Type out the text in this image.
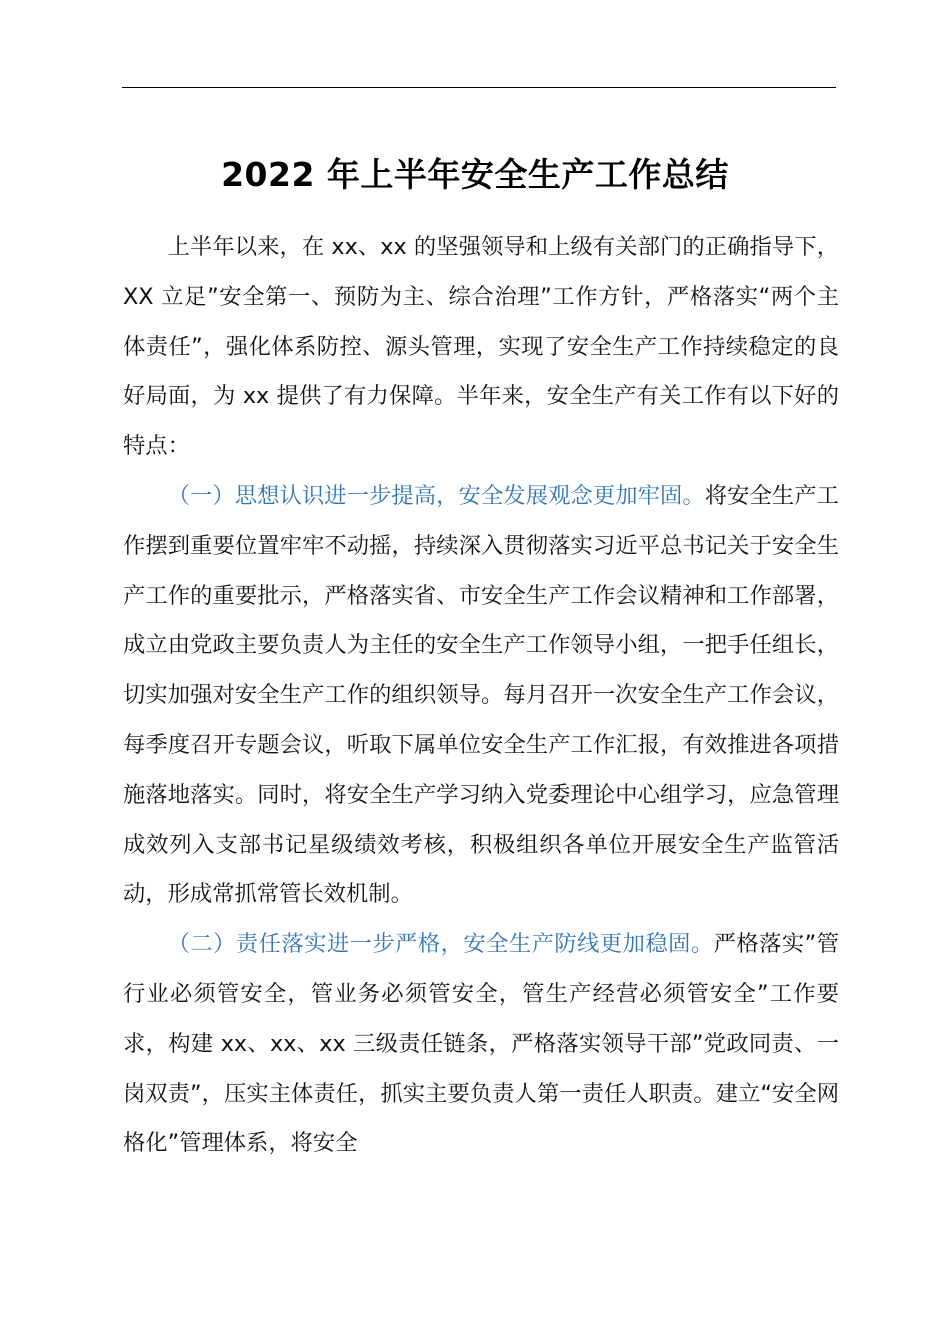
2022 年上半年安全生产工作总结

上半年以来，在 xx、xx 的坚强领导和上级有关部门的正确指导下，XX 立足”安全第一、预防为主、综合治理”工作方针，严格落实“两个主体责任”，强化体系防控、源头管理，实现了安全生产工作持续稳定的良好局面，为 xx 提供了有力保障。半年来，安全生产有关工作有以下好的特点：

（一）思想认识进一步提高，安全发展观念更加牢固。将安全生产工作摆到重要位置牢牢不动摇，持续深入贯彻落实习近平总书记关于安全生产工作的重要批示，严格落实省、市安全生产工作会议精神和工作部署，成立由党政主要负责人为主任的安全生产工作领导小组，一把手任组长，切实加强对安全生产工作的组织领导。每月召开一次安全生产工作会议，每季度召开专题会议，听取下属单位安全生产工作汇报，有效推进各项措施落地落实。同时，将安全生产学习纳入党委理论中心组学习，应急管理成效列入支部书记星级绩效考核，积极组织各单位开展安全生产监管活动，形成常抓常管长效机制。

（二）责任落实进一步严格，安全生产防线更加稳固。严格落实”管行业必须管安全，管业务必须管安全，管生产经营必须管安全”工作要求，构建 xx、xx、xx 三级责任链条，严格落实领导干部”党政同责、一岗双责”，压实主体责任，抓实主要负责人第一责任人职责。建立“安全网格化”管理体系，将安全
